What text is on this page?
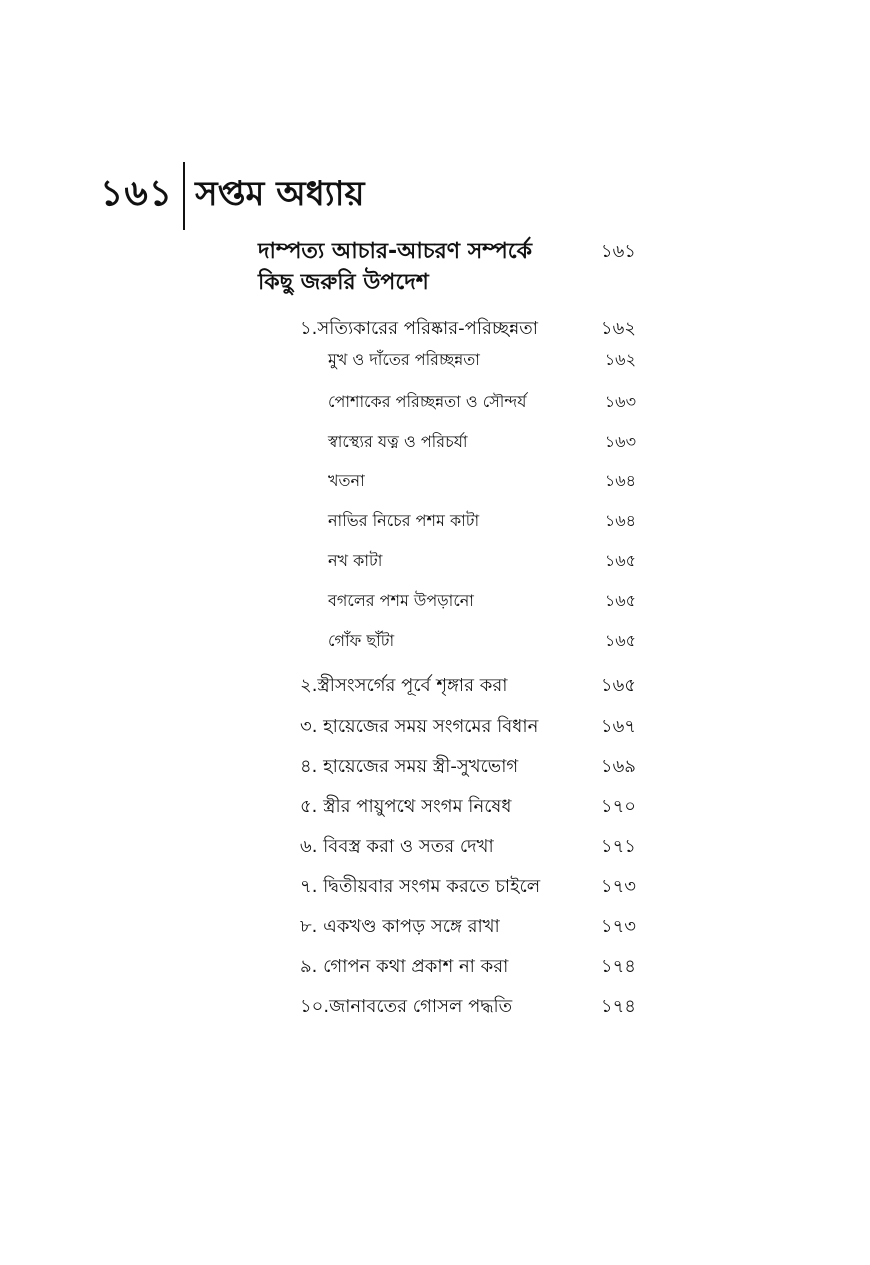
১৬১ সপ্তম অধ্যায়
দাম্পত্য আচার-আচরণ সম্পর্কে
কিছু জরুরি উপদেশ
১৬১
১.সত্যিকারের পরিষ্কার-পরিচ্ছন্নতা	১৬২
মুখ ও দাঁতের পরিচ্ছন্নতা	১৬২
পোশাকের পরিচ্ছন্নতা ও সৌন্দর্য	১৬৩
স্বাস্থ্যের যত্ন ও পরিচর্যা	১৬৩
খতনা	১৬৪
নাভির নিচের পশম কাটা	১৬৪
নখ কাটা	১৬৫
বগলের পশম উপড়ানো	১৬৫
গোঁফ ছাঁটা	১৬৫
২.স্ত্রীসংসর্গের পূর্বে শৃঙ্গার করা	১৬৫
৩. হায়েজের সময় সংগমের বিধান	১৬৭
৪. হায়েজের সময় স্ত্রী-সুখভোগ	১৬৯
৫. স্ত্রীর পায়ুপথে সংগম নিষেধ	১৭০
৬. বিবস্ত্র করা ও সতর দেখা	১৭১
৭. দ্বিতীয়বার সংগম করতে চাইলে	১৭৩
৮. একখণ্ড কাপড় সঙ্গে রাখা	১৭৩
৯. গোপন কথা প্রকাশ না করা	১৭৪
১০.জানাবতের গোসল পদ্ধতি	১৭৪
